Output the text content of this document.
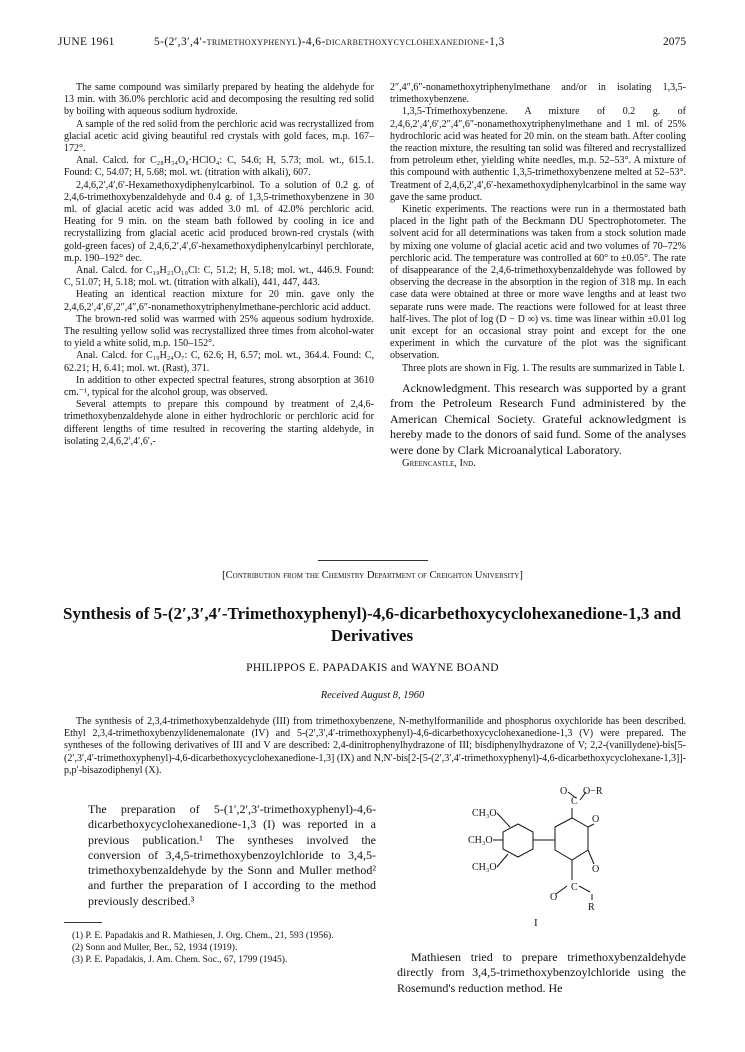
JUNE 1961	5-(2′,3′,4′-trimethoxyphenyl)-4,6-dicarbethoxycyclohexanedione-1,3	2075

The same compound was similarly prepared by heating the aldehyde for 13 min. with 36.0% perchloric acid and decomposing the resulting red solid by boiling with aqueous sodium hydroxide.

A sample of the red solid from the perchloric acid was recrystallized from glacial acetic acid giving beautiful red crystals with gold faces, m.p. 167–172°.

Anal. Calcd. for C₂₈H₃₄O₈·HClO₄: C, 54.6; H, 5.73; mol. wt., 615.1. Found: C, 54.07; H, 5.68; mol. wt. (titration with alkali), 607.

2,4,6,2′,4′,6′-Hexamethoxydiphenylcarbinol. To a solution of 0.2 g. of 2,4,6-trimethoxybenzaldehyde and 0.4 g. of 1,3,5-trimethoxybenzene in 30 ml. of glacial acetic acid was added 3.0 ml. of 42.0% perchloric acid. Heating for 9 min. on the steam bath followed by cooling in ice and recrystallizing from glacial acetic acid produced brown-red crystals (with gold-green faces) of 2,4,6,2′,4′,6′-hexamethoxydiphenylcarbinyl perchlorate, m.p. 190–192° dec.

Anal. Calcd. for C₁₉H₂₃O₁₀Cl: C, 51.2; H, 5.18; mol. wt., 446.9. Found: C, 51.07; H, 5.18; mol. wt. (titration with alkali), 441, 447, 443.

Heating an identical reaction mixture for 20 min. gave only the 2,4,6,2′,4′,6′,2″,4″,6″-nonamethoxytriphenylmethane-perchloric acid adduct.

The brown-red solid was warmed with 25% aqueous sodium hydroxide. The resulting yellow solid was recrystallized three times from alcohol-water to yield a white solid, m.p. 150–152°.

Anal. Calcd. for C₁₉H₂₄O₇: C, 62.6; H, 6.57; mol. wt., 364.4. Found: C, 62.21; H, 6.41; mol. wt. (Rast), 371.

In addition to other expected spectral features, strong absorption at 3610 cm.⁻¹, typical for the alcohol group, was observed.

Several attempts to prepare this compound by treatment of 2,4,6-trimethoxybenzaldehyde alone in either hydrochloric or perchloric acid for different lengths of time resulted in recovering the starting aldehyde, in isolating 2,4,6,2′,4′,6′,-

2″,4″,6″-nonamethoxytriphenylmethane and/or in isolating 1,3,5-trimethoxybenzene.

1,3,5-Trimethoxybenzene. A mixture of 0.2 g. of 2,4,6,2′,4′,6′,2″,4″,6″-nonamethoxytriphenylmethane and 1 ml. of 25% hydrochloric acid was heated for 20 min. on the steam bath. After cooling the reaction mixture, the resulting tan solid was filtered and recrystallized from petroleum ether, yielding white needles, m.p. 52–53°. A mixture of this compound with authentic 1,3,5-trimethoxybenzene melted at 52–53°. Treatment of 2,4,6,2′,4′,6′-hexamethoxydiphenylcarbinol in the same way gave the same product.

Kinetic experiments. The reactions were run in a thermostated bath placed in the light path of the Beckmann DU Spectrophotometer. The solvent acid for all determinations was taken from a stock solution made by mixing one volume of glacial acetic acid and two volumes of 70–72% perchloric acid. The temperature was controlled at 60° to ±0.05°. The rate of disappearance of the 2,4,6-trimethoxybenzaldehyde was followed by observing the decrease in the absorption in the region of 318 mμ. In each case data were obtained at three or more wave lengths and at least two separate runs were made. The reactions were followed for at least three half-lives. The plot of log (D − D ∞) vs. time was linear within ±0.01 log unit except for an occasional stray point and except for the one experiment in which the curvature of the plot was the significant observation.

Three plots are shown in Fig. 1. The results are summarized in Table I.

Acknowledgment. This research was supported by a grant from the Petroleum Research Fund administered by the American Chemical Society. Grateful acknowledgment is hereby made to the donors of said fund. Some of the analyses were done by Clark Microanalytical Laboratory.

Greencastle, Ind.

[Contribution from the Chemistry Department of Creighton University]
Synthesis of 5-(2′,3′,4′-Trimethoxyphenyl)-4,6-dicarbethoxycyclohexanedione-1,3 and Derivatives
PHILIPPOS E. PAPADAKIS and WAYNE BOAND
Received August 8, 1960
The synthesis of 2,3,4-trimethoxybenzaldehyde (III) from trimethoxybenzene, N-methylformanilide and phosphorus oxychloride has been described. Ethyl 2,3,4-trimethoxybenzylidenemalonate (IV) and 5-(2′,3′,4′-trimethoxyphenyl)-4,6-dicarbethoxycyclohexanedione-1,3 (V) were prepared. The syntheses of the following derivatives of III and V are described: 2,4-dinitrophenylhydrazone of III; bisdiphenylhydrazone of V; 2,2-(vanillydene)-bis[5-(2′,3′,4′-trimethoxyphenyl)-4,6-dicarbethoxycyclohexanedione-1,3] (IX) and N,N′-bis[2-[5-(2′,3′,4′-trimethoxyphenyl)-4,6-dicarbethoxycyclohexane-1,3]]-p,p′-bisazodiphenyl (X).
The preparation of 5-(1′,2′,3′-trimethoxyphenyl)-4,6-dicarbethoxycyclohexanedione-1,3 (I) was reported in a previous publication.¹ The syntheses involved the conversion of 3,4,5-trimethoxybenzoylchloride to 3,4,5-trimethoxybenzaldehyde by the Sonn and Muller method² and further the preparation of I according to the method previously described.³

(1) P. E. Papadakis and R. Mathiesen, J. Org. Chem., 21, 593 (1956).

(2) Sonn and Muller, Ber., 52, 1934 (1919).

(3) P. E. Papadakis, J. Am. Chem. Soc., 67, 1799 (1945).

O O−R
CH₃O
CH₃O
CH₃O
O
O
C
C
O
R
I
Mathiesen tried to prepare trimethoxybenzaldehyde directly from 3,4,5-trimethoxybenzoylchloride using the Rosemund's reduction method. He
